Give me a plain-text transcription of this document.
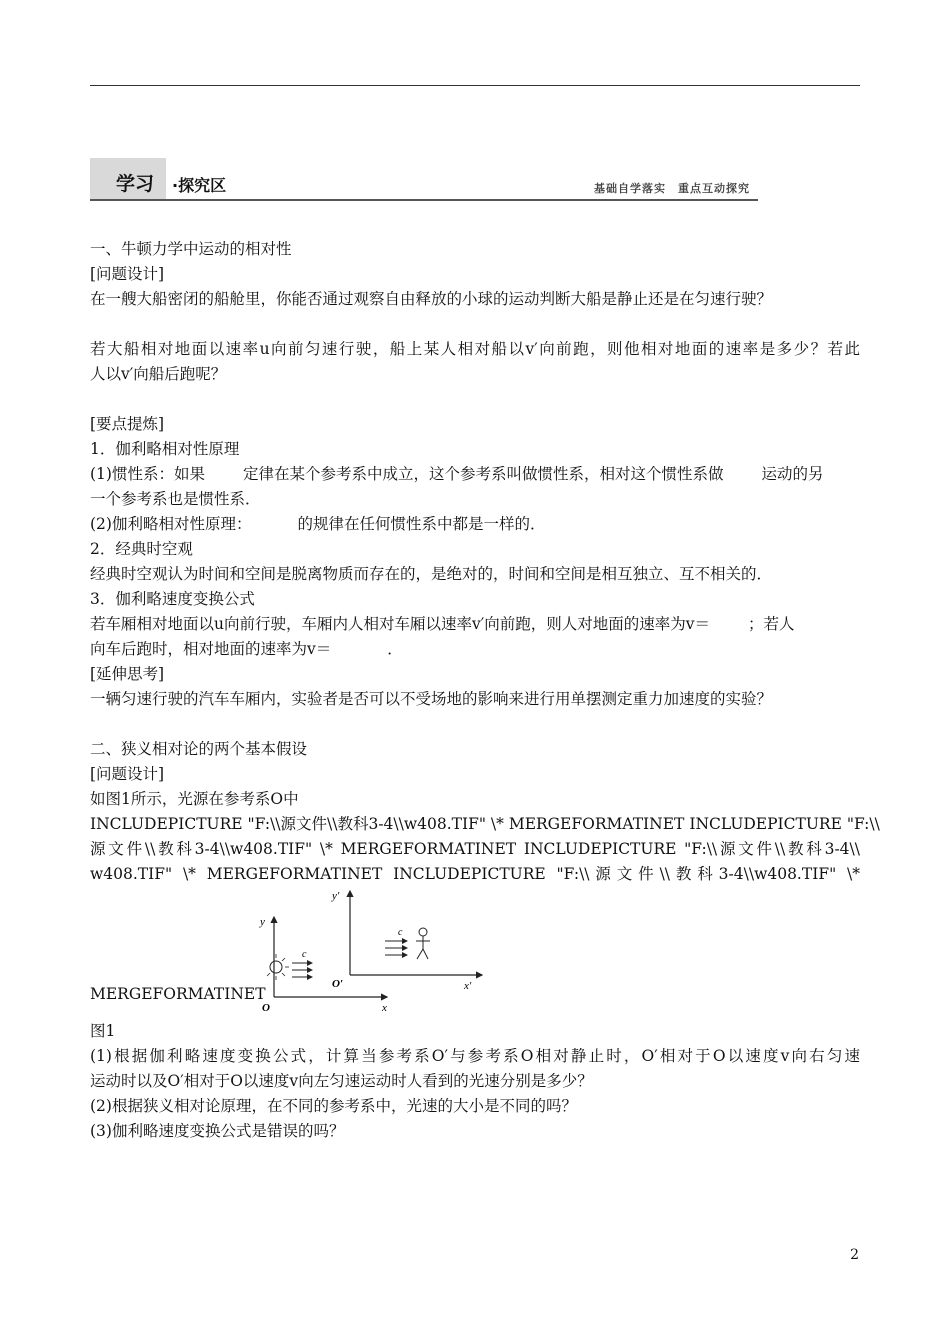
学习 ·探究区	基础自学落实　重点互动探究

一、牛顿力学中运动的相对性

[问题设计]

在一艘大船密闭的船舱里，你能否通过观察自由释放的小球的运动判断大船是静止还是在匀速行驶？

若大船相对地面以速率u向前匀速行驶，船上某人相对船以v′向前跑，则他相对地面的速率是多少？若此

人以v′向船后跑呢？

[要点提炼]

1．伽利略相对性原理

(1)惯性系：如果 定律在某个参考系中成立，这个参考系叫做惯性系，相对这个惯性系做 运动的另

一个参考系也是惯性系．

(2)伽利略相对性原理：	的规律在任何惯性系中都是一样的．

2．经典时空观

经典时空观认为时间和空间是脱离物质而存在的，是绝对的，时间和空间是相互独立、互不相关的．

3．伽利略速度变换公式

若车厢相对地面以u向前行驶，车厢内人相对车厢以速率v′向前跑，则人对地面的速率为v＝ ；若人

向车后跑时，相对地面的速率为v＝	．

[延伸思考]

一辆匀速行驶的汽车车厢内，实验者是否可以不受场地的影响来进行用单摆测定重力加速度的实验？

二、狭义相对论的两个基本假设

[问题设计]

如图1所示，光源在参考系O中

INCLUDEPICTURE "F:\\源文件\\教科3-4\\w408.TIF" \* MERGEFORMATINET INCLUDEPICTURE "F:\\

源文件\\教科3-4\\w408.TIF" \* MERGEFORMATINET INCLUDEPICTURE "F:\\源文件\\教科3-4\\

w408.TIF" \* MERGEFORMATINET INCLUDEPICTURE "F:\\源文件\\教科3-4\\w408.TIF" \*

MERGEFORMATINET
y
x
O
c
y′
x′
O′
c

图1

(1)根据伽利略速度变换公式，计算当参考系O′与参考系O相对静止时，O′相对于O以速度v向右匀速

运动时以及O′相对于O以速度v向左匀速运动时人看到的光速分别是多少？

(2)根据狭义相对论原理，在不同的参考系中，光速的大小是不同的吗？

(3)伽利略速度变换公式是错误的吗？

2
